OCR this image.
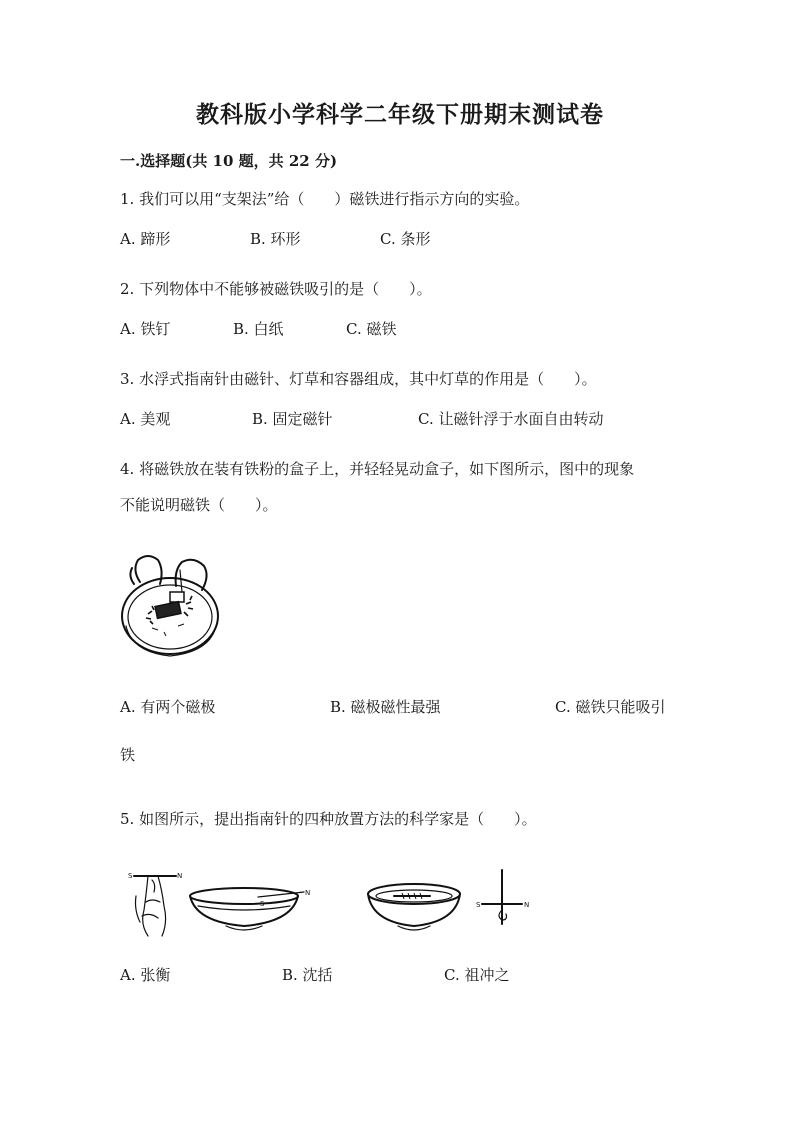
教科版小学科学二年级下册期末测试卷
一.选择题(共 10 题，共 22 分)
1. 我们可以用“支架法”给（　　）磁铁进行指示方向的实验。
A. 蹄形	B. 环形	C. 条形
2. 下列物体中不能够被磁铁吸引的是（　　）。
A. 铁钉	B. 白纸	C. 磁铁
3. 水浮式指南针由磁针、灯草和容器组成，其中灯草的作用是（　　）。
A. 美观	B. 固定磁针	C. 让磁针浮于水面自由转动
4. 将磁铁放在装有铁粉的盒子上，并轻轻晃动盒子，如下图所示，图中的现象
不能说明磁铁（　　）。
A. 有两个磁极	B. 磁极磁性最强	C. 磁铁只能吸引
铁
5. 如图所示，提出指南针的四种放置方法的科学家是（　　）。
S	N
S
N
S	N
A. 张衡	B. 沈括	C. 祖冲之
